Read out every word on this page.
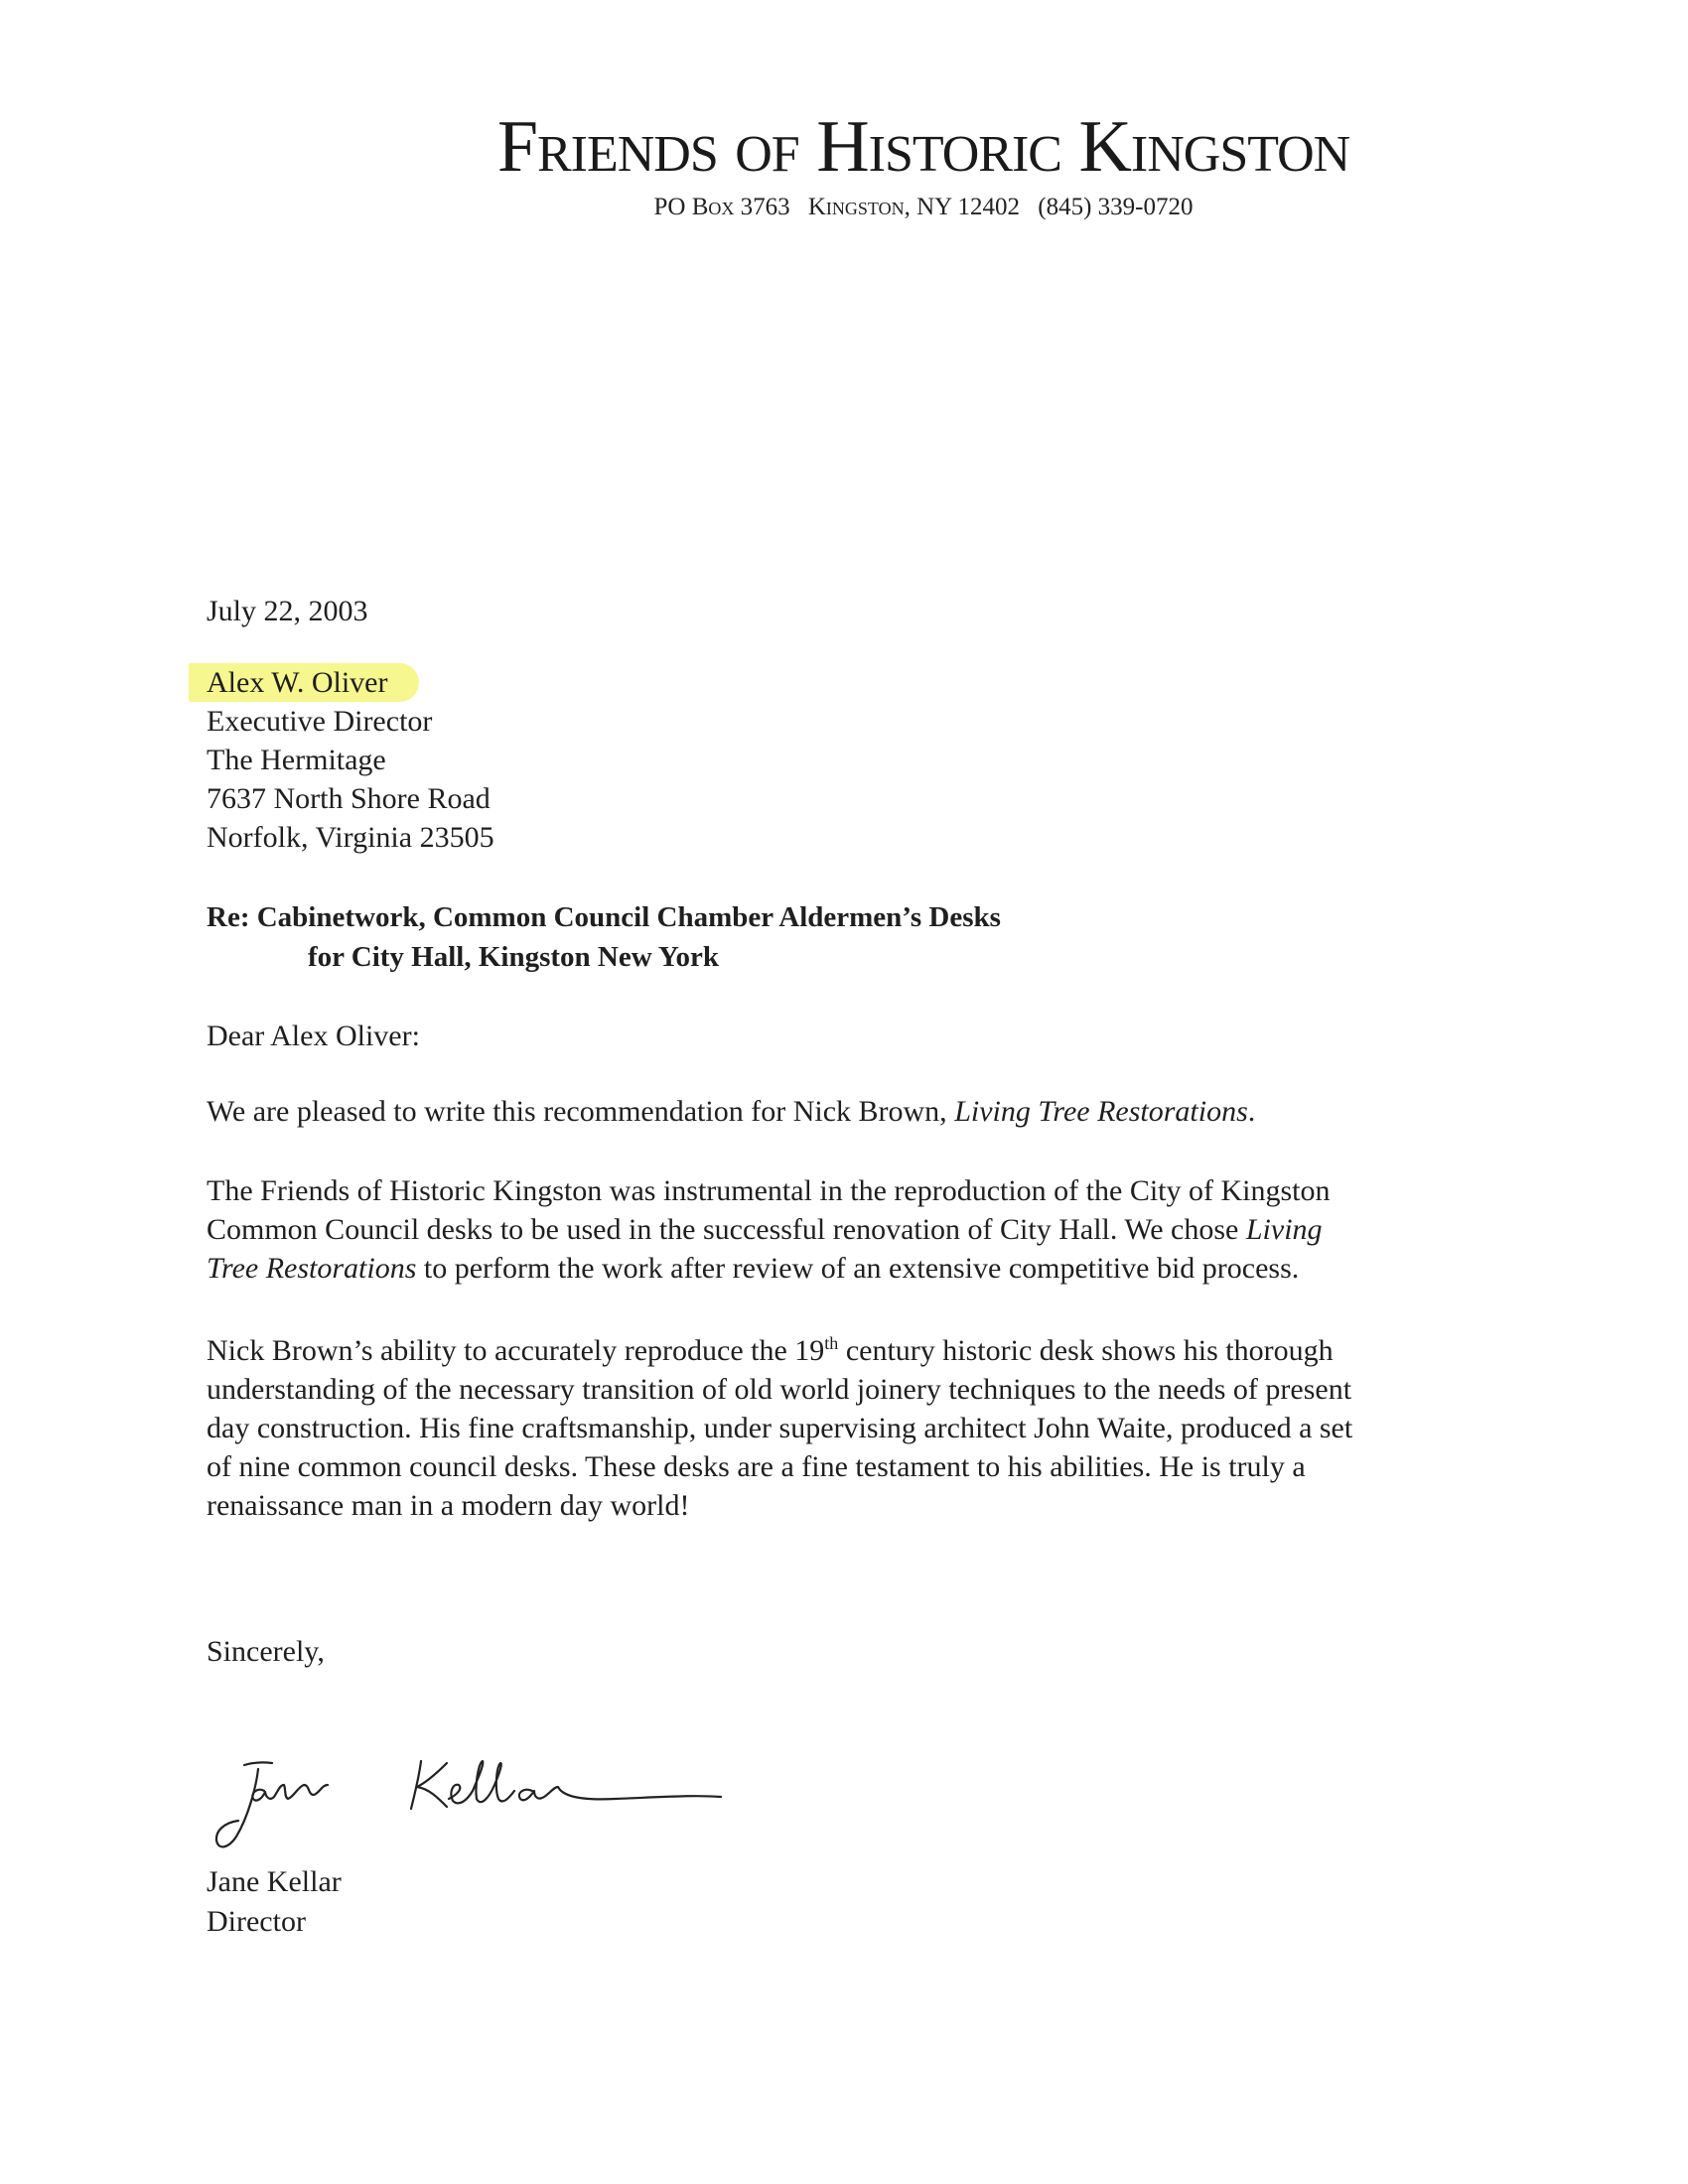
Friends of Historic Kingston
PO Box 3763 Kingston, NY 12402 (845) 339-0720
July 22, 2003
Alex W. Oliver
Executive Director
The Hermitage
7637 North Shore Road
Norfolk, Virginia 23505
Re: Cabinetwork, Common Council Chamber Aldermen’s Desks
for City Hall, Kingston New York
Dear Alex Oliver:
We are pleased to write this recommendation for Nick Brown, Living Tree Restorations.
The Friends of Historic Kingston was instrumental in the reproduction of the City of Kingston
Common Council desks to be used in the successful renovation of City Hall. We chose Living
Tree Restorations to perform the work after review of an extensive competitive bid process.
Nick Brown’s ability to accurately reproduce the 19th century historic desk shows his thorough
understanding of the necessary transition of old world joinery techniques to the needs of present
day construction. His fine craftsmanship, under supervising architect John Waite, produced a set
of nine common council desks. These desks are a fine testament to his abilities. He is truly a
renaissance man in a modern day world!
Sincerely,
Jane Kellar
Director
